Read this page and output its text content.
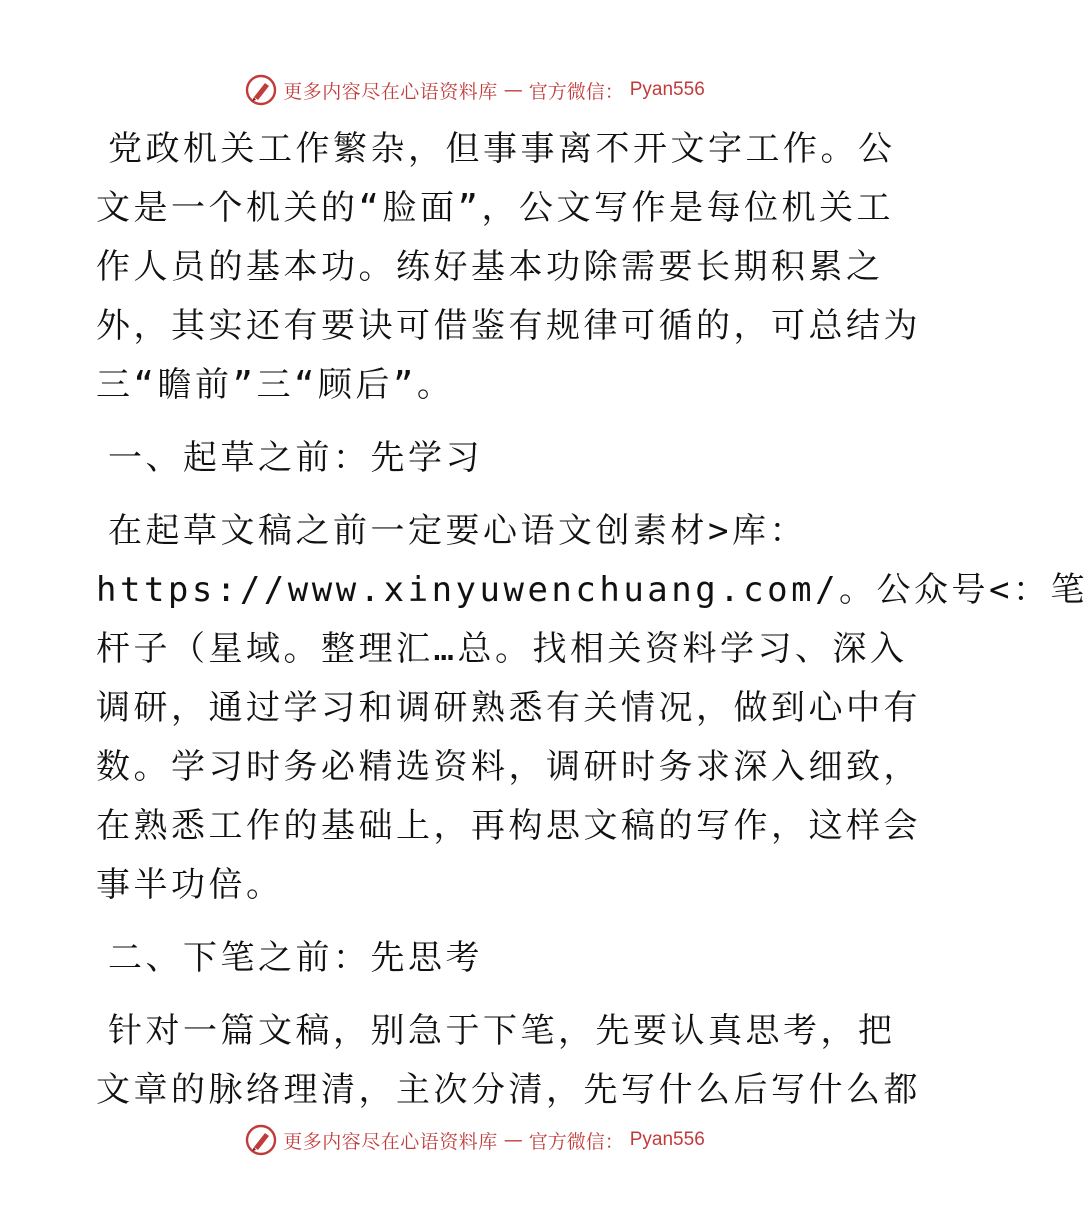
更多内容尽在心语资料库 — 官方微信： Pyan556
党政机关工作繁杂，但事事离不开文字工作。公
文是一个机关的“脸面”，公文写作是每位机关工
作人员的基本功。练好基本功除需要长期积累之
外，其实还有要诀可借鉴有规律可循的，可总结为
三“瞻前”三“顾后”。
一、起草之前：先学习
在起草文稿之前一定要心语文创素材>库：
https://www.xinyuwenchuang.com/。公众号<：笔
杆子（星域。整理汇…总。找相关资料学习、深入
调研，通过学习和调研熟悉有关情况，做到心中有
数。学习时务必精选资料，调研时务求深入细致，
在熟悉工作的基础上，再构思文稿的写作，这样会
事半功倍。
二、下笔之前：先思考
针对一篇文稿，别急于下笔，先要认真思考，把
文章的脉络理清，主次分清，先写什么后写什么都
更多内容尽在心语资料库 — 官方微信： Pyan556
